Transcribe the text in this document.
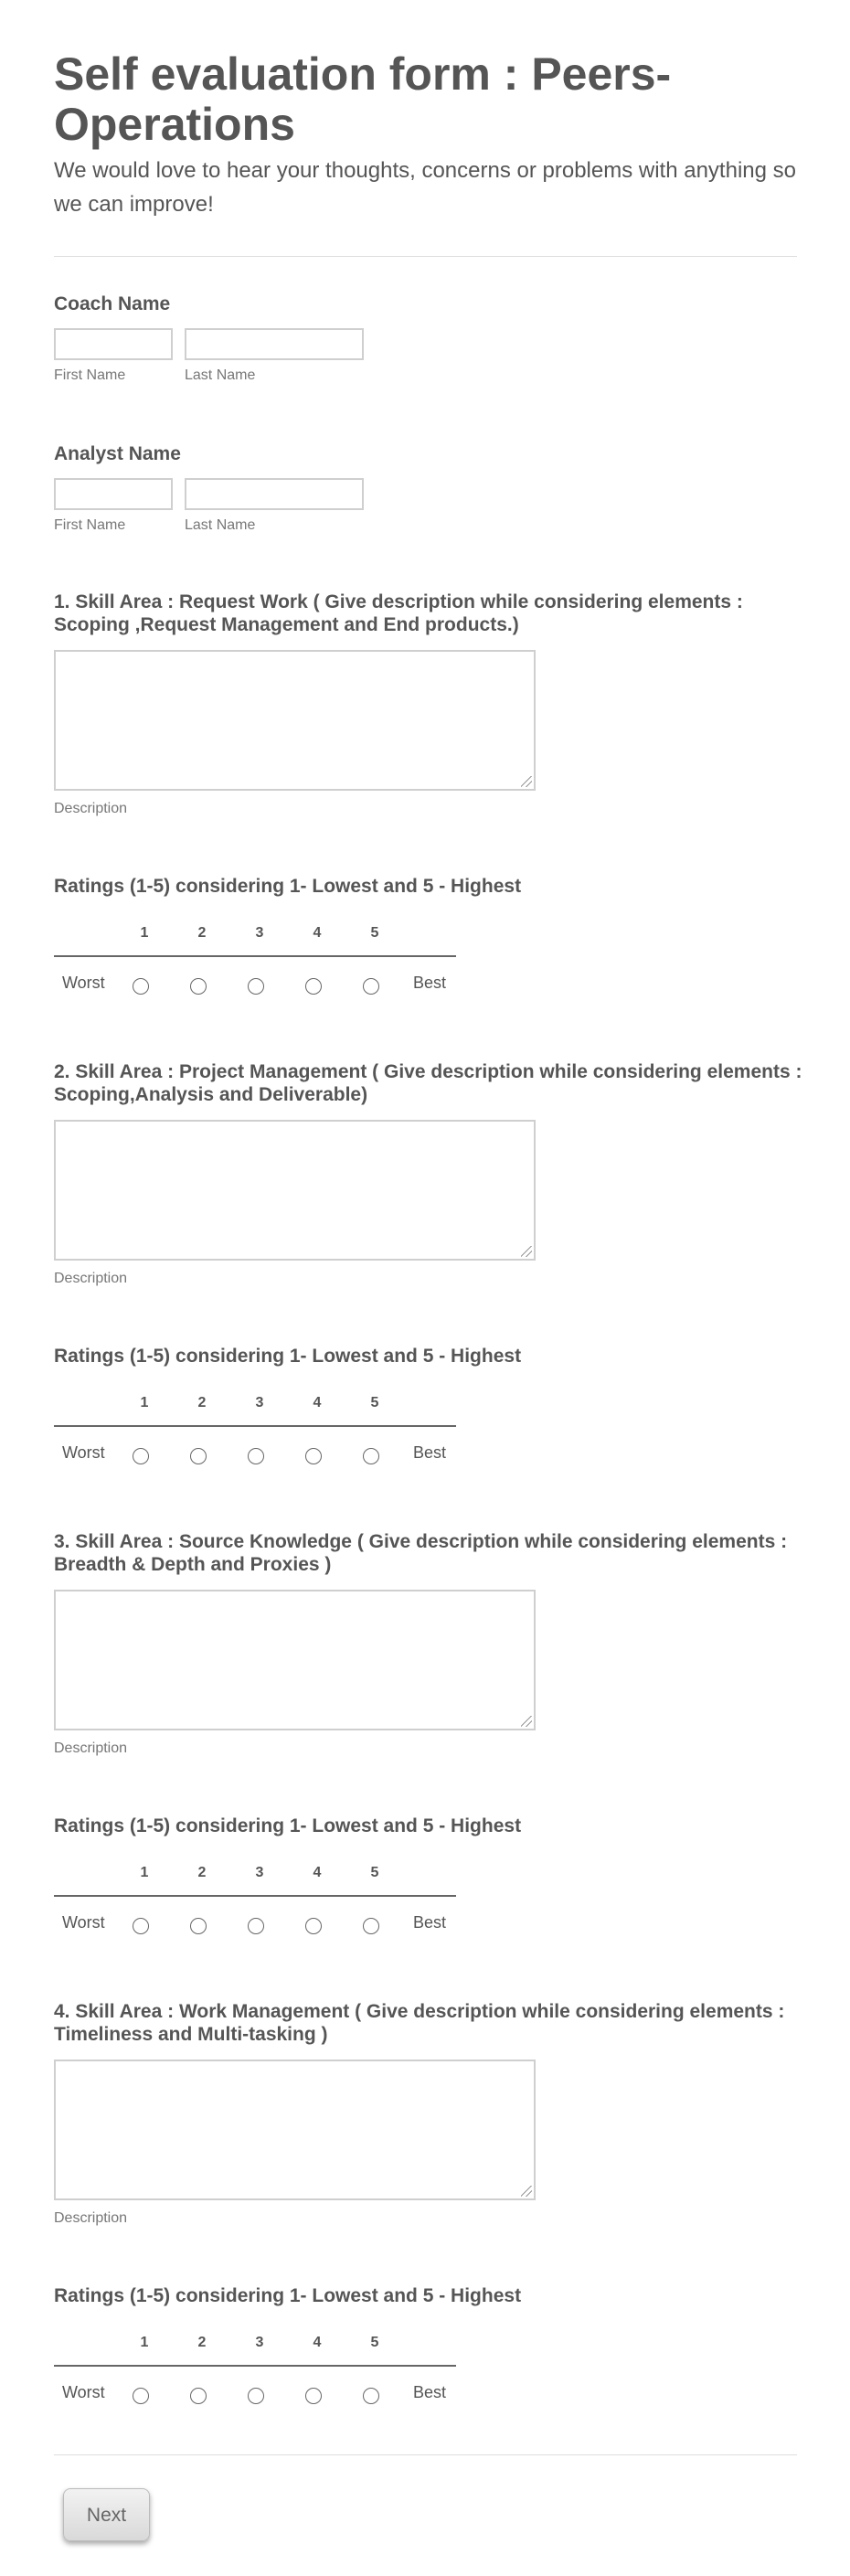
Self evaluation form : Peers- Operations
We would love to hear your thoughts, concerns or problems with anything so we can improve!
Coach Name
First Name	Last Name
Analyst Name
First Name	Last Name
1. Skill Area : Request Work ( Give description while considering elements : Scoping ,Request Management and End products.)
Description
Ratings (1-5) considering 1- Lowest and 5 - Highest
1	2	3	4	5
Worst	Best
2. Skill Area : Project Management ( Give description while considering elements : Scoping,Analysis and Deliverable)
Description
Ratings (1-5) considering 1- Lowest and 5 - Highest
1	2	3	4	5
Worst	Best
3. Skill Area : Source Knowledge ( Give description while considering elements : Breadth & Depth and Proxies )
Description
Ratings (1-5) considering 1- Lowest and 5 - Highest
1	2	3	4	5
Worst	Best
4. Skill Area : Work Management ( Give description while considering elements : Timeliness and Multi-tasking )
Description
Ratings (1-5) considering 1- Lowest and 5 - Highest
1	2	3	4	5
Worst	Best
Next
